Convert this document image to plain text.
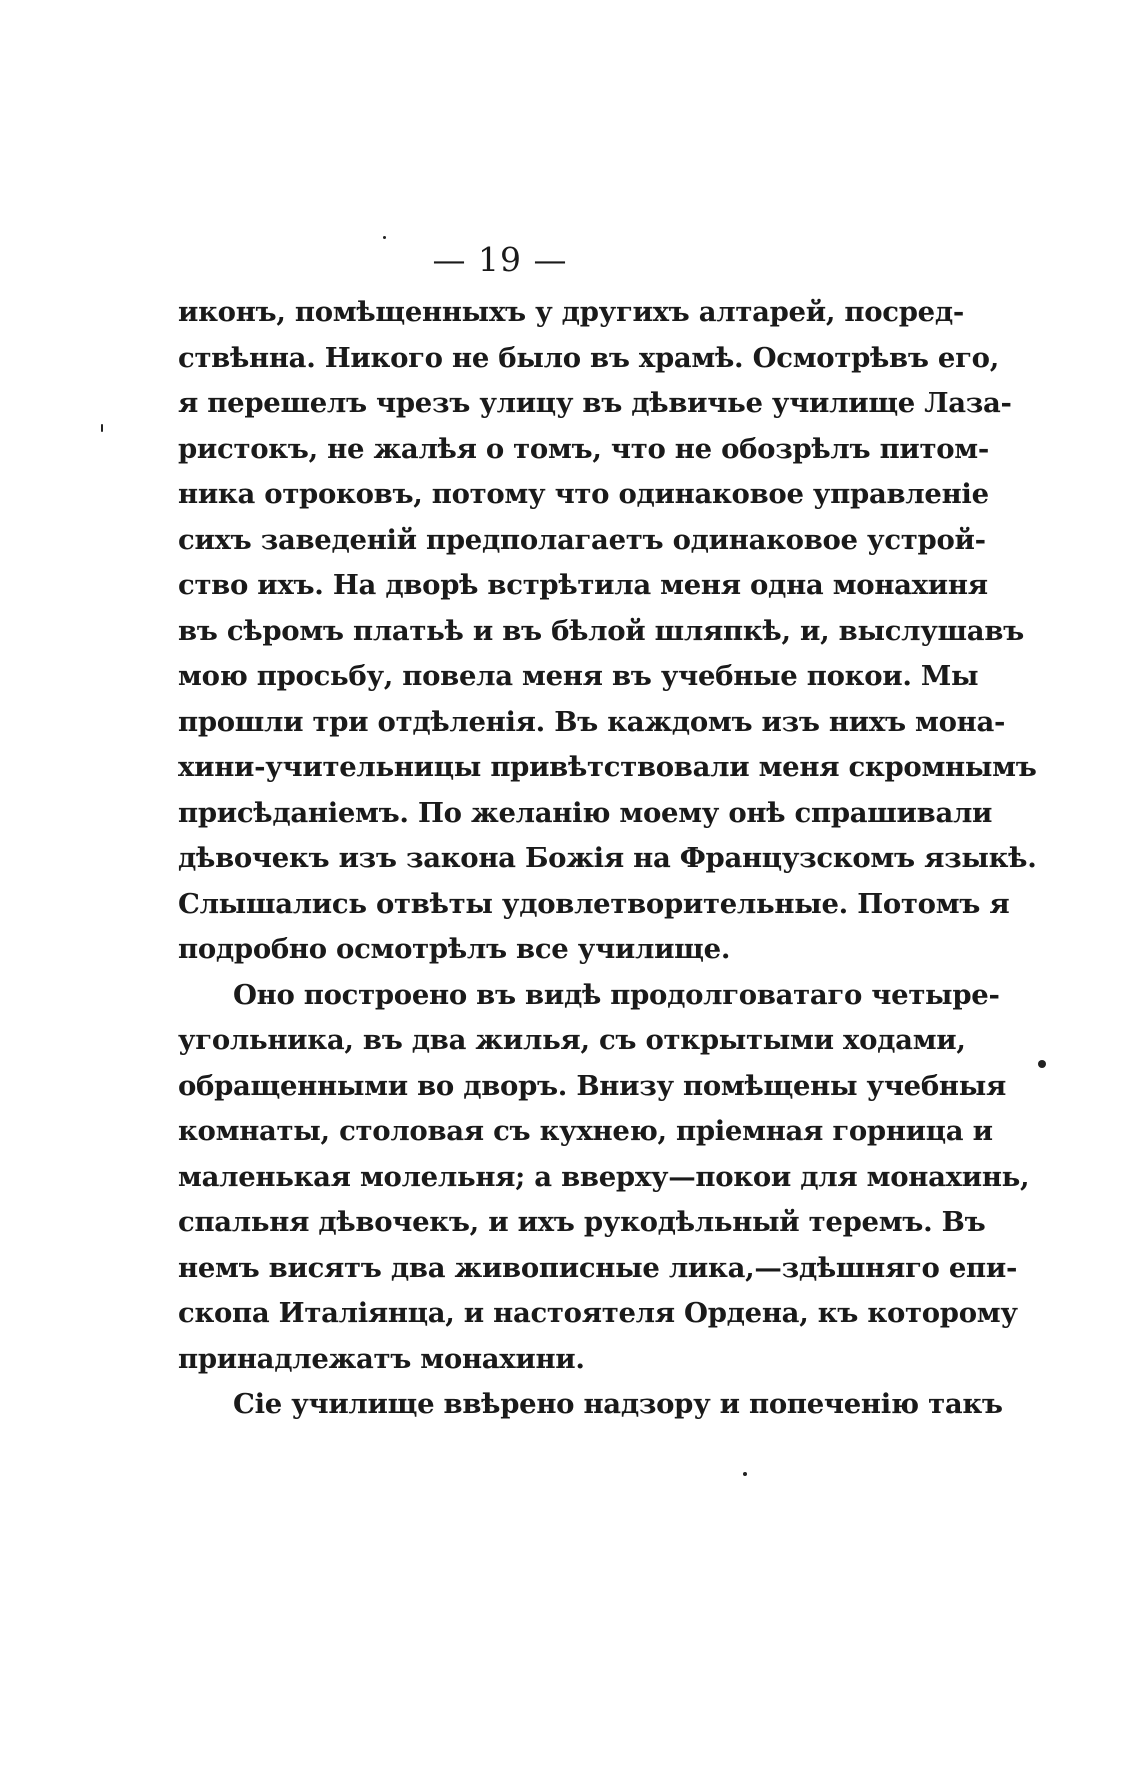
— 19 —
иконъ, помѣщенныхъ у другихъ алтарей, посред-
ствѣнна. Никого не было въ храмѣ. Осмотрѣвъ его,
я перешелъ чрезъ улицу въ дѣвичье училище Лаза-
ристокъ, не жалѣя о томъ, что не обозрѣлъ питом-
ника отроковъ, потому что одинаковое управленіе
сихъ заведеній предполагаетъ одинаковое устрой-
ство ихъ. На дворѣ встрѣтила меня одна монахиня
въ сѣромъ платьѣ и въ бѣлой шляпкѣ, и, выслушавъ
мою просьбу, повела меня въ учебные покои. Мы
прошли три отдѣленія. Въ каждомъ изъ нихъ мона-
хини-учительницы привѣтствовали меня скромнымъ
присѣданіемъ. По желанію моему онѣ спрашивали
дѣвочекъ изъ закона Божія на Французскомъ языкѣ.
Слышались отвѣты удовлетворительные. Потомъ я
подробно осмотрѣлъ все училище.
Оно построено въ видѣ продолговатаго четыре-
угольника, въ два жилья, съ открытыми ходами,
обращенными во дворъ. Внизу помѣщены учебныя
комнаты, столовая съ кухнею, пріемная горница и
маленькая молельня; а вверху—покои для монахинь,
спальня дѣвочекъ, и ихъ рукодѣльный теремъ. Въ
немъ висятъ два живописные лика,—здѣшняго епи-
скопа Италіянца, и настоятеля Ордена, къ которому
принадлежатъ монахини.
Сіе училище ввѣрено надзору и попеченію такъ
